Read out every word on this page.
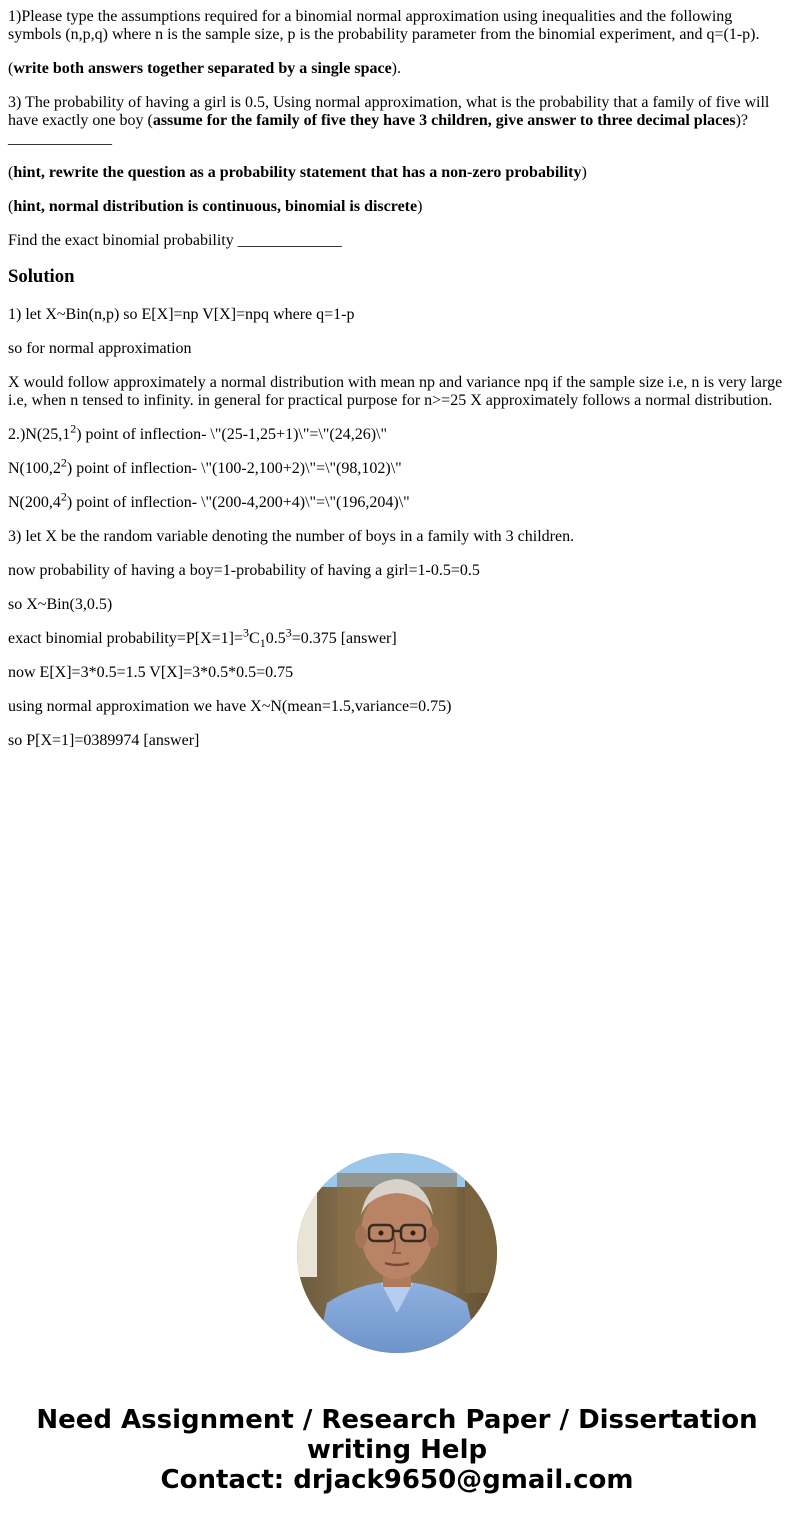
1)Please type the assumptions required for a binomial normal approximation using inequalities and the following symbols (n,p,q) where n is the sample size, p is the probability parameter from the binomial experiment, and q=(1-p).

(write both answers together separated by a single space).

3) The probability of having a girl is 0.5, Using normal approximation, what is the probability that a family of five will have exactly one boy (assume for the family of five they have 3 children, give answer to three decimal places)? _____________

(hint, rewrite the question as a probability statement that has a non-zero probability)

(hint, normal distribution is continuous, binomial is discrete)

Find the exact binomial probability _____________

Solution

1) let X~Bin(n,p) so E[X]=np V[X]=npq where q=1-p

so for normal approximation

X would follow approximately a normal distribution with mean np and variance npq if the sample size i.e, n is very large i.e, when n tensed to infinity. in general for practical purpose for n>=25 X approximately follows a normal distribution.

2.)N(25,1$^2$) point of inflection- \"(25-1,25+1)\"=\"(24,26)\"

N(100,2$^2$) point of inflection- \"(100-2,100+2)\"=\"(98,102)\"

N(200,4$^2$) point of inflection- \"(200-4,200+4)\"=\"(196,204)\"

3) let X be the random variable denoting the number of boys in a family with 3 children.

now probability of having a boy=1-probability of having a girl=1-0.5=0.5

so X~Bin(3,0.5)

exact binomial $probability=P[X=1]=^3C_10.5^3=0.375$ [answer]

now E[X]=3*0.5=1.5 V[X]=3*0.5*0.5=0.75

using normal approximation we have X~N(mean=1.5,variance=0.75)

so P[X=1]=0389974 [answer]

Need Assignment / Research Paper / Dissertation
writing Help
Contact: drjack9650@gmail.com
